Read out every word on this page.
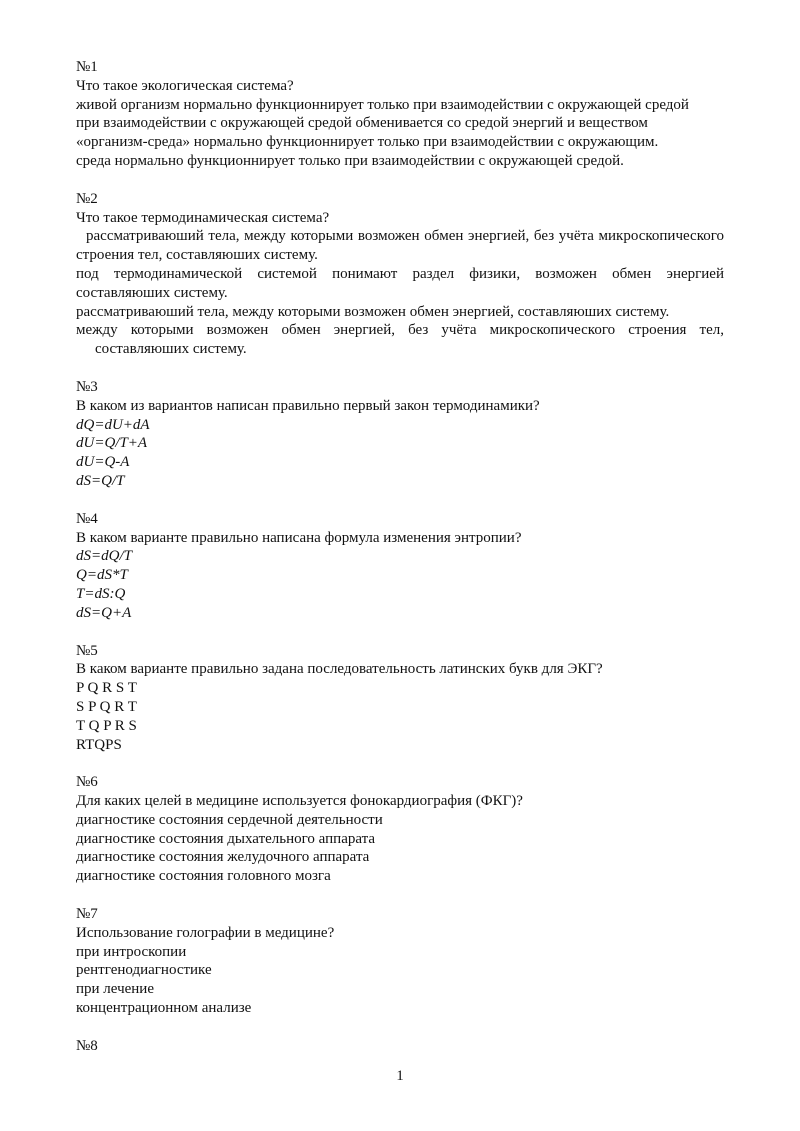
№1

Что такое экологическая система?

живой организм нормально функционнирует только при взаимодействии с окружающей средой

при взаимодействии с окружающей средой обменивается со средой энергий и веществом

«организм-среда» нормально функционнирует только при взаимодействии с окружающим.

среда нормально функционнирует только при взаимодействии с окружающей средой.

№2

Что такое термодинамическая система?

рассматриваюший тела, между которыми возможен обмен энергией, без учёта микроскопического строения тел, составляюших систему.

под термодинамической системой понимают раздел физики, возможен обмен энергией составляюших систему.

рассматриваюший тела, между которыми возможен обмен энергией, составляюших систему.

между которыми возможен обмен энергией, без учёта микроскопического строения тел, составляюших систему.

№3

В каком из вариантов написан правильно первый закон термодинамики?

dQ=dU+dA

dU=Q/T+A

dU=Q-A

dS=Q/T

№4

В каком варианте правильно написана формула изменения энтропии?

dS=dQ/T

Q=dS*T

T=dS:Q

dS=Q+A

№5

В каком варианте правильно задана последовательность латинских букв для ЭКГ?

P Q R S T

S P Q R T

T Q P R S

RTQPS

№6

Для каких целей в медицине используется фонокардиография (ФКГ)?

диагностике состояния сердечной деятельности

диагностике состояния дыхательного аппарата

диагностике состояния желудочного аппарата

диагностике состояния головного мозга

№7

Использование голографии в медицине?

при интроскопии

рентгенодиагностике

при лечение

концентрационном анализе

№8

1
